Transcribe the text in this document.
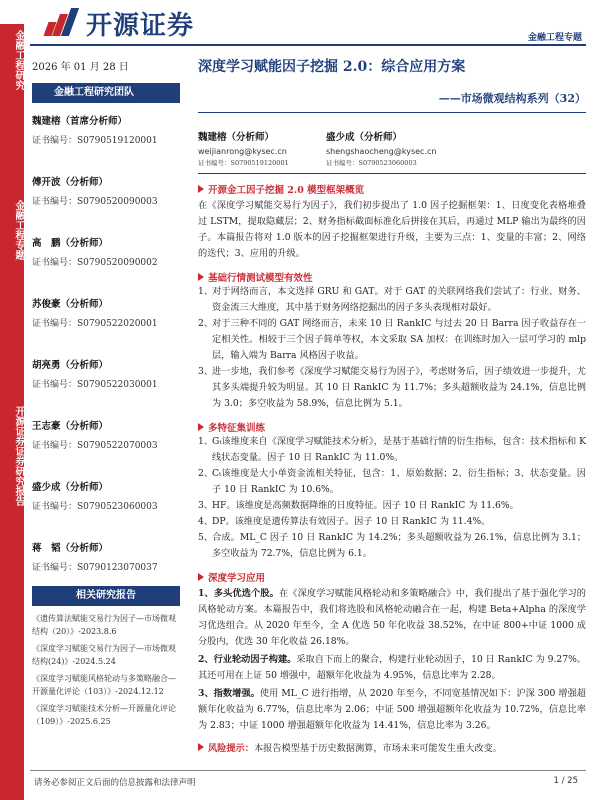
开源证券	金融工程专题
金融工程研究
金融工程专题
开源证券证券研究报告
2026 年 01 月 28 日
金融工程研究团队
魏建榕（首席分析师）
证书编号：S0790519120001
傅开波（分析师）
证书编号：S0790520090003
高　鹏（分析师）
证书编号：S0790520090002
苏俊豪（分析师）
证书编号：S0790522020001
胡亮勇（分析师）
证书编号：S0790522030001
王志豪（分析师）
证书编号：S0790522070003
盛少成（分析师）
证书编号：S0790523060003
蒋　韬（分析师）
证书编号：S0790123070037
相关研究报告
《遗传算法赋能交易行为因子—市场微观结构（20）》-2023.8.6
《深度学习赋能交易行为因子—市场微观结构(24)》-2024.5.24
《深度学习赋能风格轮动与多策略融合—开源量化评论（103）》-2024.12.12
《深度学习赋能技术分析—开源量化评论（109）》-2025.6.25
深度学习赋能因子挖掘 2.0：综合应用方案
——市场微观结构系列（32）
魏建榕（分析师）
weijianrong@kysec.cn
证书编号：S0790519120001
盛少成（分析师）
shengshaocheng@kysec.cn
证书编号：S0790523060003
开源金工因子挖掘 2.0 模型框架概览
在《深度学习赋能交易行为因子》，我们初步提出了 1.0 因子挖掘框架：1、日度变化表格堆叠过 LSTM，提取隐藏层；2、财务指标截面标准化后拼接在其后，再通过 MLP 输出为最终的因子。本篇报告将对 1.0 版本的因子挖掘框架进行升级，主要为三点：1、变量的丰富；2、网络的迭代；3、应用的升级。
基础行情测试模型有效性
1、对于网络而言，本文选择 GRU 和 GAT。对于 GAT 的关联网络我们尝试了：行业、财务、资金流三大维度，其中基于财务网络挖掘出的因子多头表现相对最好。
2、对于三种不同的 GAT 网络而言，未来 10 日 RankIC 与过去 20 日 Barra 因子收益存在一定相关性。相较于三个因子简单等权，本文采取 SA 加权：在训练时加入一层可学习的 mlp 层，输入端为 Barra 风格因子收益。
3、进一步地，我们参考《深度学习赋能交易行为因子》，考虑财务后，因子绩效进一步提升，尤其多头端提升较为明显。其 10 日 RankIC 为 11.7%；多头超额收益为 24.1%，信息比例为 3.0；多空收益为 58.9%，信息比例为 5.1。
多特征集训练
1、Gₜ该维度来自《深度学习赋能技术分析》，是基于基础行情的衍生指标，包含：技术指标和 K 线状态变量。因子 10 日 RankIC 为 11.0%。
2、Cₜ该维度是大小单资金流相关特征，包含：1、原始数据；2、衍生指标；3、状态变量。因子 10 日 RankIC 为 10.6%。
3、HF。该维度是高频数据降维的日度特征。因子 10 日 RankIC 为 11.6%。
4、DP。该维度是遗传算法有效因子。因子 10 日 RankIC 为 11.4%。
5、合成。ML_C 因子 10 日 RankIC 为 14.2%；多头超额收益为 26.1%，信息比例为 3.1；多空收益为 72.7%，信息比例为 6.1。
深度学习应用
1、多头优选个股。在《深度学习赋能风格轮动和多策略融合》中，我们提出了基于强化学习的风格轮动方案。本篇报告中，我们将选股和风格轮动融合在一起，构建 Beta+Alpha 的深度学习优选组合。从 2020 年至今，全 A 优选 50 年化收益 38.52%，在中证 800+中证 1000 成分股内，优选 30 年化收益 26.18%。
2、行业轮动因子构建。采取自下而上的聚合，构建行业轮动因子，10 日 RankIC 为 9.27%。其还可用在上证 50 增强中，超额年化收益为 4.95%，信息比率为 2.28。
3、指数增强。使用 ML_C 进行指增，从 2020 年至今，不同宽基情况如下：沪深 300 增强超额年化收益为 6.77%，信息比率为 2.06；中证 500 增强超额年化收益为 10.72%，信息比率为 2.83；中证 1000 增强超额年化收益为 14.41%，信息比率为 3.26。
风险提示： 本报告模型基于历史数据测算，市场未来可能发生重大改变。
请务必参阅正文后面的信息披露和法律声明	1 / 25
